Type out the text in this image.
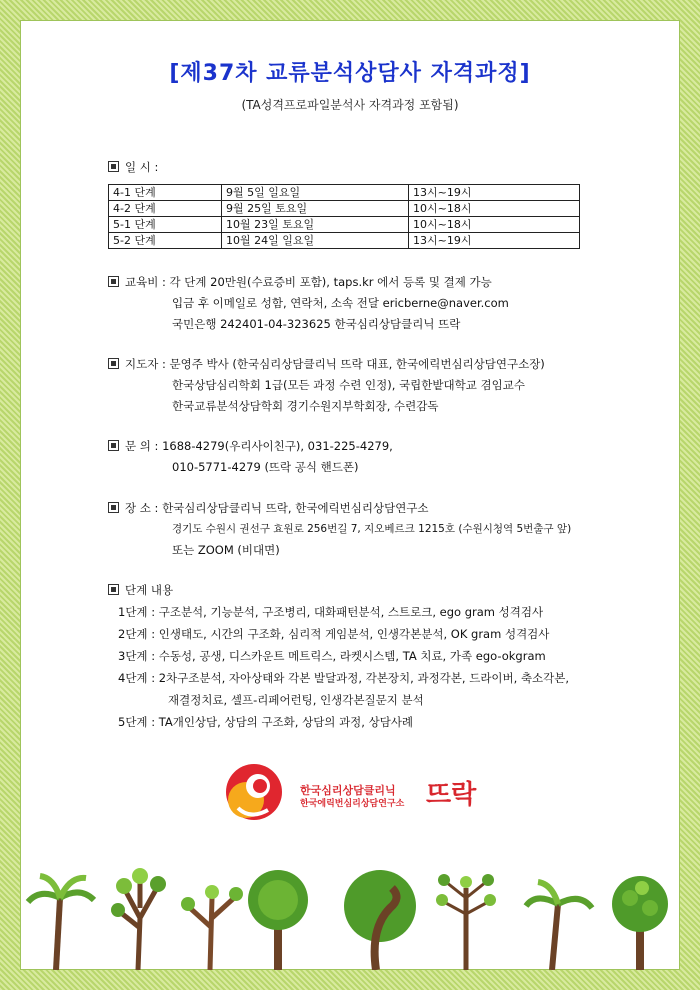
[제37차 교류분석상담사 자격과정]
(TA성격프로파일분석사 자격과정 포함됨)
일 시 :
4-1 단계	9월 5일 일요일	13시~19시
4-2 단계	9월 25일 토요일	10시~18시
5-1 단계	10월 23일 토요일	10시~18시
5-2 단계	10월 24일 일요일	13시~19시
교육비 : 각 단계 20만원(수료증비 포함), taps.kr 에서 등록 및 결제 가능
입금 후 이메일로 성함, 연락처, 소속 전달 ericberne@naver.com
국민은행 242401-04-323625 한국심리상담클리닉 뜨락
지도자 : 문영주 박사 (한국심리상담클리닉 뜨락 대표, 한국에릭번심리상담연구소장)
한국상담심리학회 1급(모든 과정 수련 인정), 국립한밭대학교 겸임교수
한국교류분석상담학회 경기수원지부학회장, 수련감독
문 의 : 1688-4279(우리사이친구), 031-225-4279,
010-5771-4279 (뜨락 공식 핸드폰)
장 소 : 한국심리상담클리닉 뜨락, 한국에릭번심리상담연구소
경기도 수원시 권선구 효원로 256번길 7, 지오베르크 1215호 (수원시청역 5번출구 앞)
또는 ZOOM (비대면)
단계 내용
1단계 : 구조분석, 기능분석, 구조병리, 대화패턴분석, 스트로크, ego gram 성격검사
2단계 : 인생태도, 시간의 구조화, 심리적 게임분석, 인생각본분석, OK gram 성격검사
3단계 : 수동성, 공생, 디스카운트 메트릭스, 라켓시스템, TA 치료, 가족 ego-okgram
4단계 : 2차구조분석, 자아상태와 각본 발달과정, 각본장치, 과정각본, 드라이버, 축소각본,
재결정치료, 셀프-리페어런팅, 인생각본질문지 분석
5단계 : TA개인상담, 상담의 구조화, 상담의 과정, 상담사례
한국심리상담클리닉
한국에릭번심리상담연구소 뜨락
